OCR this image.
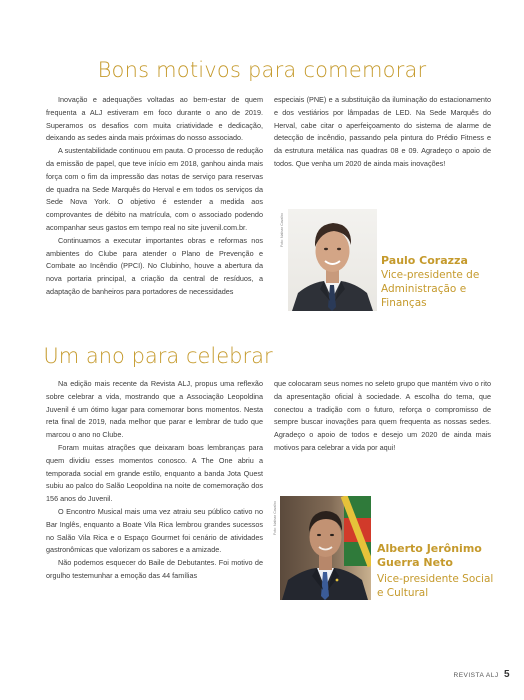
Bons motivos para comemorar

Inovação e adequações voltadas ao bem-estar de quem frequenta a ALJ estiveram em foco durante o ano de 2019. Superamos os desafios com muita criatividade e dedicação, deixando as sedes ainda mais próximas do nosso associado.

A sustentabilidade continuou em pauta. O processo de redução da emissão de papel, que teve início em 2018, ganhou ainda mais força com o fim da impressão das notas de serviço para reservas de quadra na Sede Marquês do Herval e em todos os serviços da Sede Nova York. O objetivo é estender a medida aos comprovantes de débito na matrícula, com o associado podendo acompanhar seus gastos em tempo real no site juvenil.com.br.

Continuamos a executar importantes obras e reformas nos ambientes do Clube para atender o Plano de Prevenção e Combate ao Incêndio (PPCI). No Clubinho, houve a abertura da nova portaria principal, a criação da central de resíduos, a adaptação de banheiros para portadores de necessidades

especiais (PNE) e a substituição da iluminação do estacionamento e dos vestiários por lâmpadas de LED. Na Sede Marquês do Herval, cabe citar o aperfeiçoamento do sistema de alarme de detecção de incêndio, passando pela pintura do Prédio Fitness e da estrutura metálica nas quadras 08 e 09. Agradeço o apoio de todos. Que venha um 2020 de ainda mais inovações!

Foto: Nathan Cavalho
Paulo Corazza
Vice-presidente de Administração e Finanças
Um ano para celebrar

Na edição mais recente da Revista ALJ, propus uma reflexão sobre celebrar a vida, mostrando que a Associação Leopoldina Juvenil é um ótimo lugar para comemorar bons momentos. Nesta reta final de 2019, nada melhor que parar e lembrar de tudo que marcou o ano no Clube.

Foram muitas atrações que deixaram boas lembranças para quem dividiu esses momentos conosco. A The One abriu a temporada social em grande estilo, enquanto a banda Jota Quest subiu ao palco do Salão Leopoldina na noite de comemoração dos 156 anos do Juvenil.

O Encontro Musical mais uma vez atraiu seu público cativo no Bar Inglês, enquanto a Boate Vila Rica lembrou grandes sucessos no Salão Vila Rica e o Espaço Gourmet foi cenário de atividades gastronômicas que valorizam os sabores e a amizade.

Não podemos esquecer do Baile de Debutantes. Foi motivo de orgulho testemunhar a emoção das 44 famílias

que colocaram seus nomes no seleto grupo que mantém vivo o rito da apresentação oficial à sociedade. A escolha do tema, que conectou a tradição com o futuro, reforça o compromisso de sempre buscar inovações para quem frequenta as nossas sedes. Agradeço o apoio de todos e desejo um 2020 de ainda mais motivos para celebrar a vida por aqui!

Foto: Nathan Cavalho
Alberto Jerônimo Guerra Neto
Vice-presidente Social e Cultural
REVISTA ALJ 5
